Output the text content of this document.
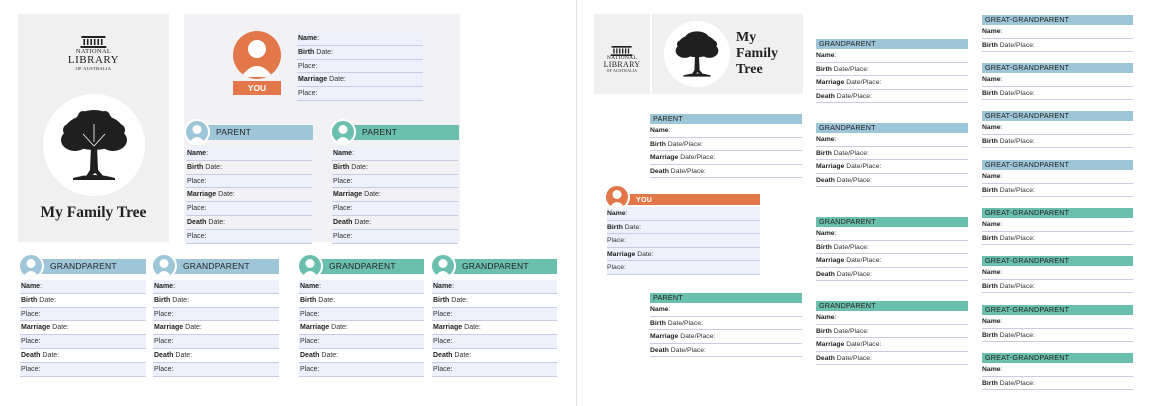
NATIONAL
LIBRARY
OF AUSTRALIA
My Family Tree
YOU
Name:
Birth Date:
Place:
Marriage Date:
Place:
PARENT
Name:
Birth Date:
Place:
Marriage Date:
Place:
Death Date:
Place:
PARENT
Name:
Birth Date:
Place:
Marriage Date:
Place:
Death Date:
Place:
GRANDPARENT
Name:
Birth Date:
Place:
Marriage Date:
Place:
Death Date:
Place:
GRANDPARENT
Name:
Birth Date:
Place:
Marriage Date:
Place:
Death Date:
Place:
GRANDPARENT
Name:
Birth Date:
Place:
Marriage Date:
Place:
Death Date:
Place:
GRANDPARENT
Name:
Birth Date:
Place:
Marriage Date:
Place:
Death Date:
Place:
NATIONAL
LIBRARY
OF AUSTRALIA
My
Family
Tree
PARENT
Name:
Birth Date/Place:
Marriage Date/Place:
Death Date/Place:
YOU
Name:
Birth Date:
Place:
Marriage Date:
Place:
PARENT
Name:
Birth Date/Place:
Marriage Date/Place:
Death Date/Place:
GRANDPARENT
Name:
Birth Date/Place:
Marriage Date/Place:
Death Date/Place:
GRANDPARENT
Name:
Birth Date/Place:
Marriage Date/Place:
Death Date/Place:
GRANDPARENT
Name:
Birth Date/Place:
Marriage Date/Place:
Death Date/Place:
GRANDPARENT
Name:
Birth Date/Place:
Marriage Date/Place:
Death Date/Place:
GREAT-GRANDPARENT
Name:
Birth Date/Place:
GREAT-GRANDPARENT
Name:
Birth Date/Place:
GREAT-GRANDPARENT
Name:
Birth Date/Place:
GREAT-GRANDPARENT
Name:
Birth Date/Place:
GREAT-GRANDPARENT
Name:
Birth Date/Place:
GREAT-GRANDPARENT
Name:
Birth Date/Place:
GREAT-GRANDPARENT
Name:
Birth Date/Place:
GREAT-GRANDPARENT
Name:
Birth Date/Place:
